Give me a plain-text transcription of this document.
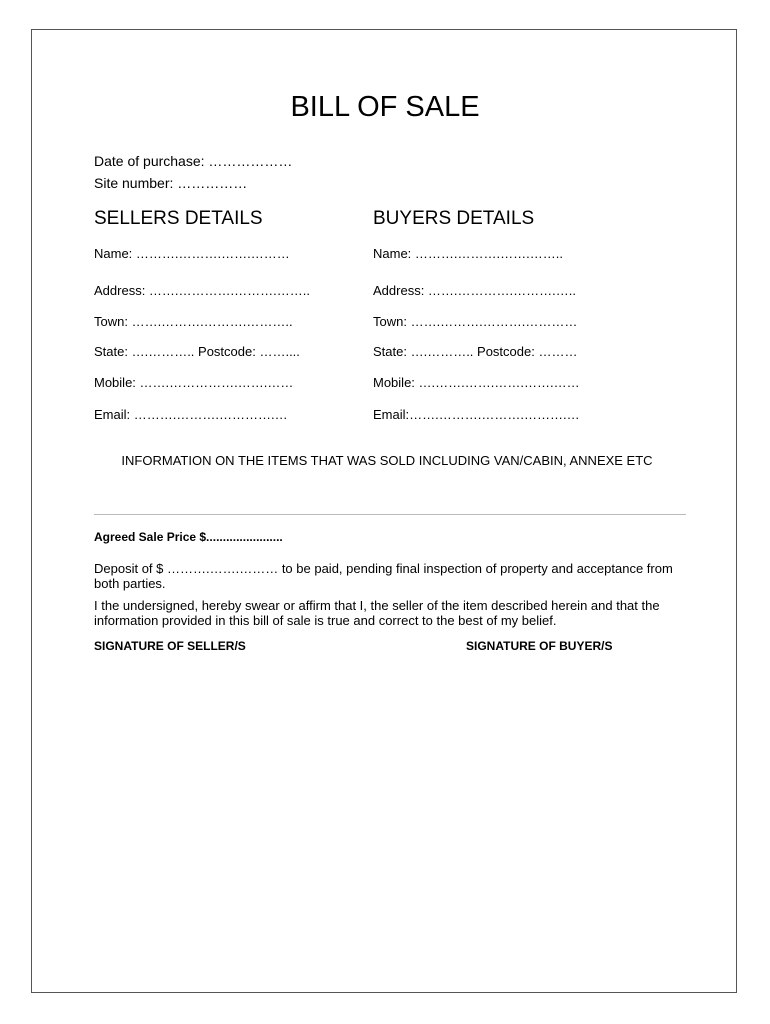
BILL OF SALE
Date of purchase: ………………
Site number: ……………
SELLERS DETAILS	BUYERS DETAILS
Name: ……….……….…….………	Name: ……….……….…….……..
Address: …….………….……….……..	Address: …….………….……….…..
Town: …….……….……….………..	Town: …….……….……….…………
State: ….……….. Postcode: ……....	State: ….……….. Postcode: ………
Mobile: …….…………….…….……	Mobile: ….…….…….…….…….……
Email: ……….……….………….…	Email:…….……….……….……….…
INFORMATION ON THE ITEMS THAT WAS SOLD INCLUDING VAN/CABIN, ANNEXE ETC
Agreed Sale Price $.......................
Deposit of $ ……….…….……… to be paid, pending final inspection of property and acceptance from both parties.
I the undersigned, hereby swear or affirm that I, the seller of the item described herein and that the information provided in this bill of sale is true and correct to the best of my belief.
SIGNATURE OF SELLER/S	SIGNATURE OF BUYER/S
